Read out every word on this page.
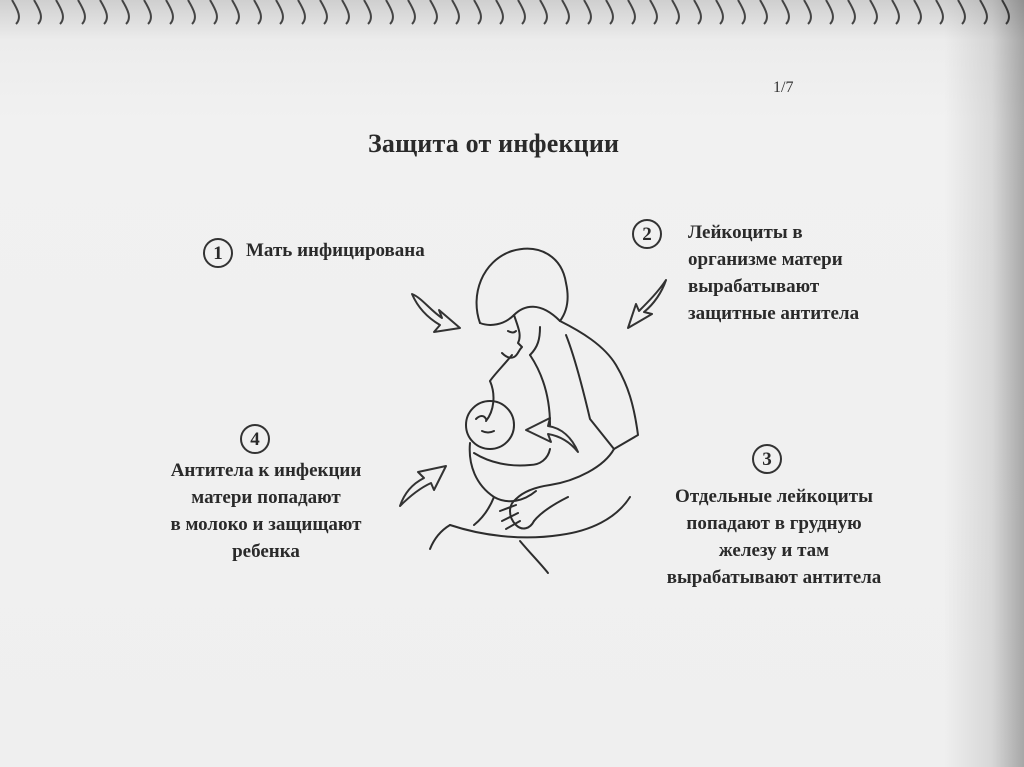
1/7
Защита от инфекции
1	Мать инфицирована
2	Лейкоциты в
организме матери
вырабатывают
защитные антитела
3
Отдельные лейкоциты
попадают в грудную
железу и там
вырабатывают антитела
4
Антитела к инфекции
матери попадают
в молоко и защищают
ребенка
